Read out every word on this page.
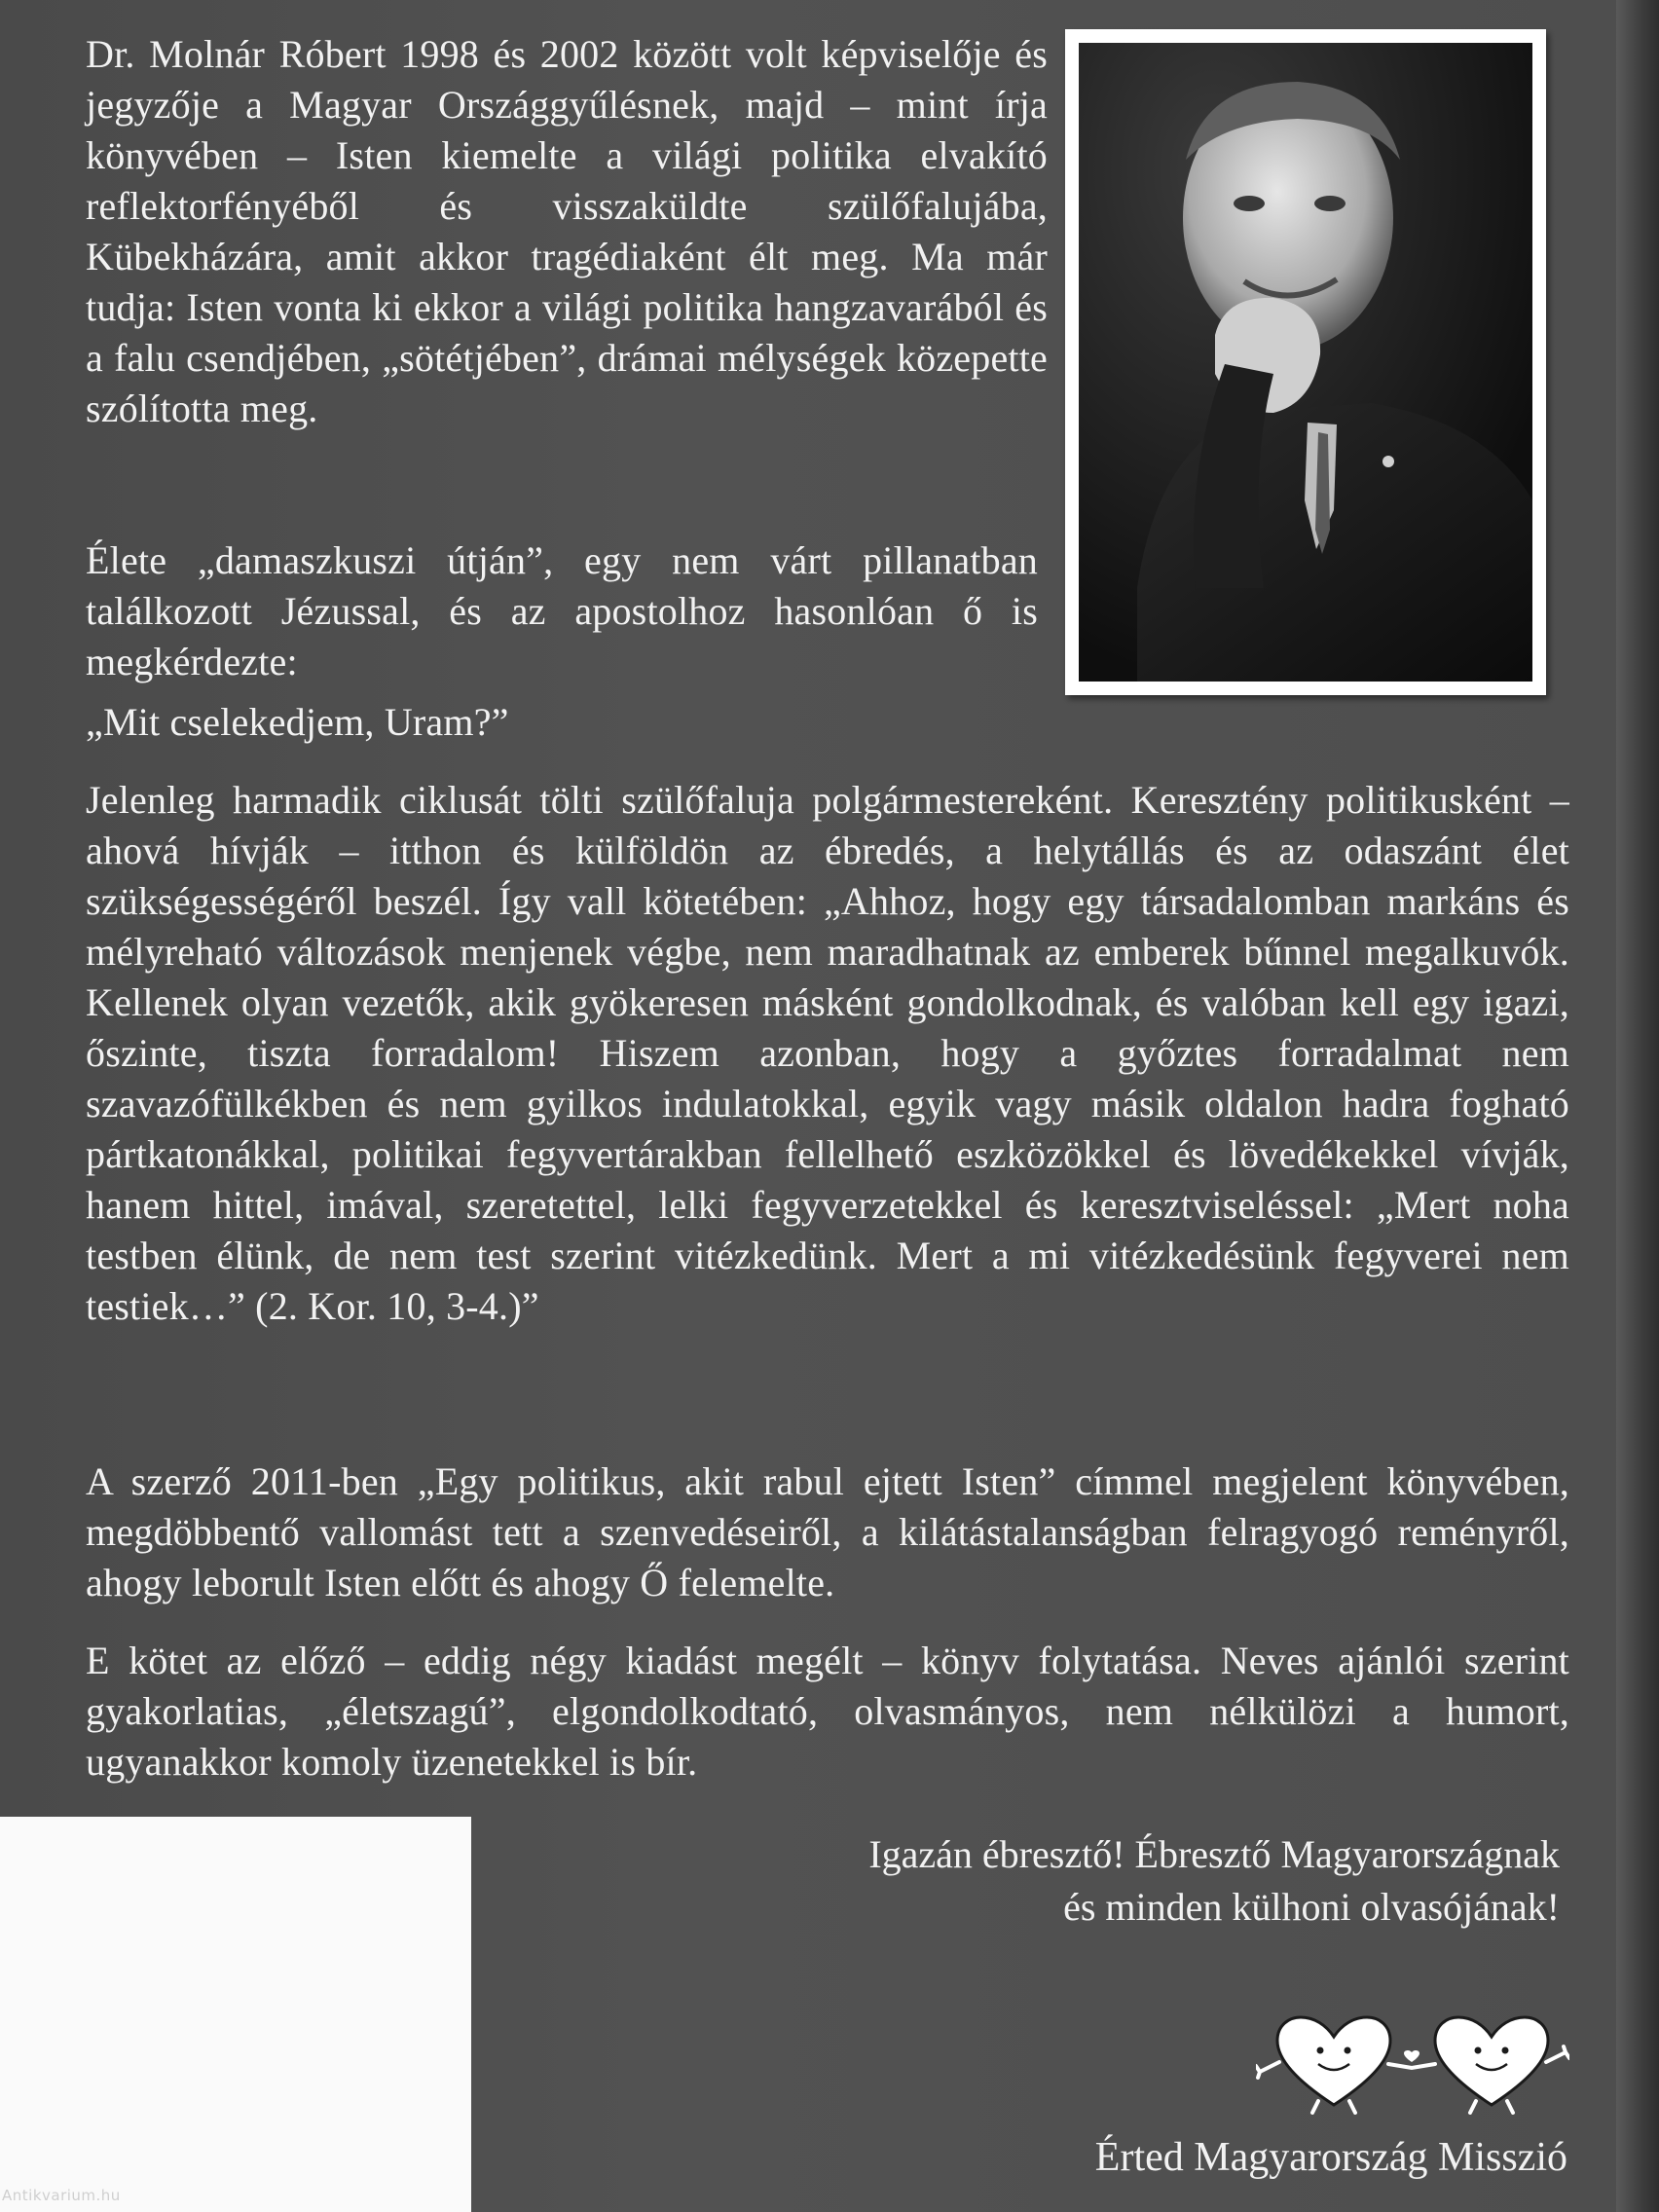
Dr. Molnár Róbert 1998 és 2002 között volt képviselője és jegyzője a Magyar Országgyűlésnek, majd – mint írja könyvében – Isten kiemelte a világi politika elvakító reflektorfényéből és visszaküldte szülőfalujába, Kübekházára, amit akkor tragédiaként élt meg. Ma már tudja: Isten vonta ki ekkor a világi politika hangzavarából és a falu csendjében, „sötétjében”, drámai mélységek közepette szólította meg.

Élete „damaszkuszi útján”, egy nem várt pillanatban találkozott Jézussal, és az apostolhoz hasonlóan ő is megkérdezte:

„Mit cselekedjem, Uram?”

Jelenleg harmadik ciklusát tölti szülőfaluja polgármestereként. Keresztény politikusként – ahová hívják – itthon és külföldön az ébredés, a helytállás és az odaszánt élet szükségességéről beszél. Így vall kötetében: „Ahhoz, hogy egy társadalomban markáns és mélyreható változások menjenek végbe, nem maradhatnak az emberek bűnnel megalkuvók. Kellenek olyan vezetők, akik gyökeresen másként gondolkodnak, és valóban kell egy igazi, őszinte, tiszta forradalom! Hiszem azonban, hogy a győztes forradalmat nem szavazófülkékben és nem gyilkos indulatokkal, egyik vagy másik oldalon hadra fogható pártkatonákkal, politikai fegyvertárakban fellelhető eszközökkel és lövedékekkel vívják, hanem hittel, imával, szeretettel, lelki fegyverzetekkel és keresztviseléssel: „Mert noha testben élünk, de nem test szerint vitézkedünk. Mert a mi vitézkedésünk fegyverei nem testiek…” (2. Kor. 10, 3-4.)”

A szerző 2011-ben „Egy politikus, akit rabul ejtett Isten” címmel megjelent könyvében, megdöbbentő vallomást tett a szenvedéseiről, a kilátástalanságban felragyogó reményről, ahogy leborult Isten előtt és ahogy Ő felemelte.

E kötet az előző – eddig négy kiadást megélt – könyv folytatása. Neves ajánlói szerint gyakorlatias, „életszagú”, elgondolkodtató, olvasmányos, nem nélkülözi a humort, ugyanakkor komoly üzenetekkel is bír.

Igazán ébresztő! Ébresztő Magyarországnak
és minden külhoni olvasójának!
Érted Magyarország Misszió
Antikvarium.hu
